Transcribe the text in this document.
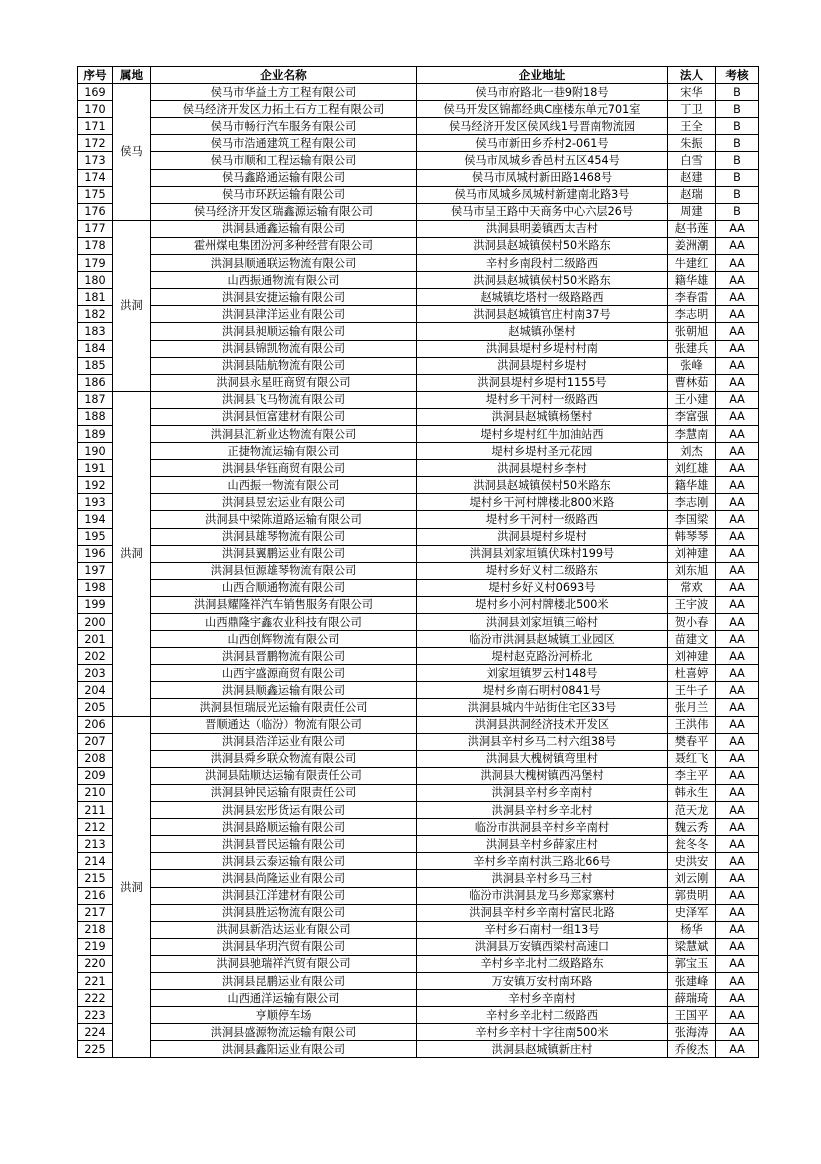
序号	属地	企业名称	企业地址	法人	考核
169	侯马	侯马市华益土方工程有限公司	侯马市府路北一巷9附18号	宋华	B
170		侯马经济开发区力拓土石方工程有限公司	侯马开发区锦都经典C座楼东单元701室	丁卫	B
171		侯马市畅行汽车服务有限公司	侯马经济开发区侯风线1号晋南物流园	王全	B
172		侯马市浩通建筑工程有限公司	侯马市新田乡乔村2-061号	朱振	B
173		侯马市顺和工程运输有限公司	侯马市凤城乡香邑村五区454号	白雪	B
174		侯马鑫路通运输有限公司	侯马市凤城村新田路1468号	赵建	B
175		侯马市环跃运输有限公司	侯马市凤城乡凤城村新建南北路3号	赵瑞	B
176		侯马经济开发区瑞鑫源运输有限公司	侯马市呈王路中天商务中心六层26号	周建	B
177	洪洞	洪洞县通鑫运输有限公司	洪洞县明姜镇西太吉村	赵书莲	AA
178		霍州煤电集团汾河多种经营有限公司	洪洞县赵城镇侯村50米路东	姜洲潮	AA
179		洪洞县顺通联运物流有限公司	辛村乡南段村二级路西	牛建红	AA
180		山西振通物流有限公司	洪洞县赵城镇侯村50米路东	籍华雄	AA
181		洪洞县安捷运输有限公司	赵城镇圪塔村一级路路西	李春雷	AA
182		洪洞县津洋运业有限公司	洪洞县赵城镇官庄村南37号	李志明	AA
183		洪洞县昶顺运输有限公司	赵城镇孙堡村	张朝旭	AA
184		洪洞县锦凯物流有限公司	洪洞县堤村乡堤村村南	张建兵	AA
185		洪洞县陆航物流有限公司	洪洞县堤村乡堤村	张峰	AA
186		洪洞县永星旺商贸有限公司	洪洞县堤村乡堤村1155号	曹林茹	AA
187	洪洞	洪洞县飞马物流有限公司	堤村乡干河村一级路西	王小建	AA
188		洪洞县恒富建材有限公司	洪洞县赵城镇杨堡村	李富强	AA
189		洪洞县汇新业达物流有限公司	堤村乡堤村红牛加油站西	李慧南	AA
190		正捷物流运输有限公司	堤村乡堤村圣元花园	刘杰	AA
191		洪洞县华钰商贸有限公司	洪洞县堤村乡李村	刘红雄	AA
192		山西振一物流有限公司	洪洞县赵城镇侯村50米路东	籍华雄	AA
193		洪洞县昱宏运业有限公司	堤村乡干河村牌楼北800米路	李志刚	AA
194		洪洞县中梁陈道路运输有限公司	堤村乡干河村一级路西	李国梁	AA
195		洪洞县雄琴物流有限公司	洪洞县堤村乡堤村	韩琴琴	AA
196		洪洞县翼鹏运业有限公司	洪洞县刘家垣镇伏珠村199号	刘神建	AA
197		洪洞县恒源雄琴物流有限公司	堤村乡好义村二级路东	刘东旭	AA
198		山西合顺通物流有限公司	堤村乡好义村0693号	常欢	AA
199		洪洞县耀隆祥汽车销售服务有限公司	堤村乡小河村牌楼北500米	王宇波	AA
200		山西鼎隆宇鑫农业科技有限公司	洪洞县刘家垣镇三峪村	贺小春	AA
201		山西创辉物流有限公司	临汾市洪洞县赵城镇工业园区	苗建文	AA
202		洪洞县晋鹏物流有限公司	堤村赵克路汾河桥北	刘神建	AA
203		山西宇盛源商贸有限公司	刘家垣镇罗云村148号	杜喜婷	AA
204		洪洞县顺鑫运输有限公司	堤村乡南石明村0841号	王牛子	AA
205		洪洞县恒瑞辰光运输有限责任公司	洪洞县城内牛站街住宅区33号	张月兰	AA
206	洪洞	晋顺通达（临汾）物流有限公司	洪洞县洪洞经济技术开发区	王洪伟	AA
207		洪洞县浩洋运业有限公司	洪洞县辛村乡马二村六组38号	樊春平	AA
208		洪洞县舜乡联众物流有限公司	洪洞县大槐树镇弯里村	聂红飞	AA
209		洪洞县陆顺达运输有限责任公司	洪洞县大槐树镇西冯堡村	李主平	AA
210		洪洞县钟民运输有限责任公司	洪洞县辛村乡辛南村	韩永生	AA
211		洪洞县宏彤货运有限公司	洪洞县辛村乡辛北村	范天龙	AA
212		洪洞县路顺运输有限公司	临汾市洪洞县辛村乡辛南村	魏云秀	AA
213		洪洞县晋民运输有限公司	洪洞县辛村乡薛家庄村	瓮冬冬	AA
214		洪洞县云泰运输有限公司	辛村乡辛南村洪三路北66号	史洪安	AA
215		洪洞县尚隆运业有限公司	洪洞县辛村乡马三村	刘云刚	AA
216		洪洞县江洋建材有限公司	临汾市洪洞县龙马乡郑家寨村	郭贵明	AA
217		洪洞县胜运物流有限公司	洪洞县辛村乡辛南村富民北路	史泽军	AA
218		洪洞县新浩达运业有限公司	辛村乡石南村一组13号	杨华	AA
219		洪洞县华玥汽贸有限公司	洪洞县万安镇西梁村高速口	梁慧斌	AA
220		洪洞县驰瑞祥汽贸有限公司	辛村乡辛北村二级路路东	郭宝玉	AA
221		洪洞县昆鹏运业有限公司	万安镇万安村南环路	张建峰	AA
222		山西通洋运输有限公司	辛村乡辛南村	薛瑞琦	AA
223		亨顺停车场	辛村乡辛北村二级路西	王国平	AA
224		洪洞县盛源物流运输有限公司	辛村乡辛村十字往南500米	张海涛	AA
225		洪洞县鑫阳运业有限公司	洪洞县赵城镇新庄村	乔俊杰	AA
